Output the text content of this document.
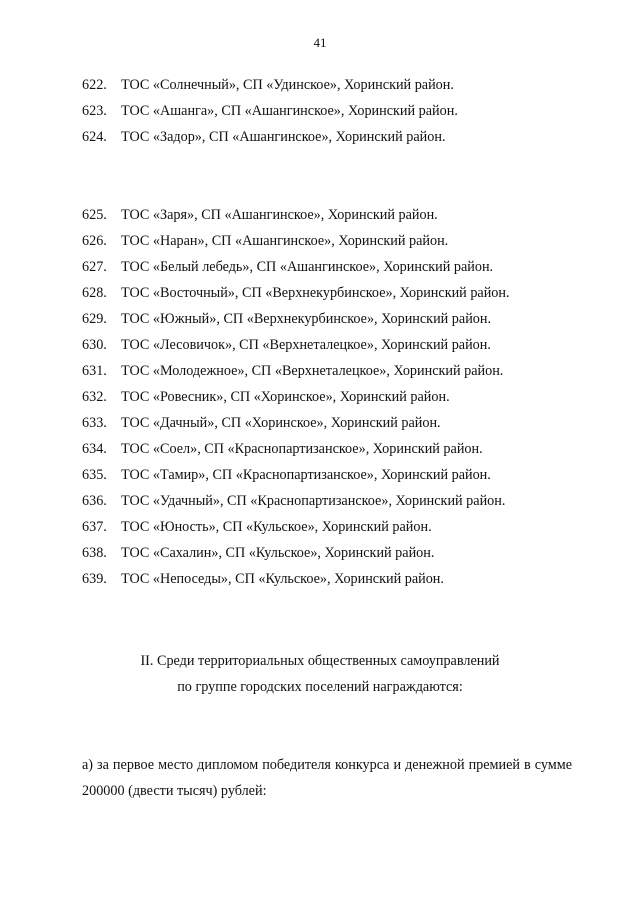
41
622. ТОС «Солнечный», СП «Удинское», Хоринский район.
623. ТОС «Ашанга», СП «Ашангинское», Хоринский район.
624. ТОС «Задор», СП «Ашангинское», Хоринский район.
625. ТОС «Заря», СП «Ашангинское», Хоринский район.
626. ТОС «Наран», СП «Ашангинское», Хоринский район.
627. ТОС «Белый лебедь», СП «Ашангинское», Хоринский район.
628. ТОС «Восточный», СП «Верхнекурбинское», Хоринский район.
629. ТОС «Южный», СП «Верхнекурбинское», Хоринский район.
630. ТОС «Лесовичок», СП «Верхнеталецкое», Хоринский район.
631. ТОС «Молодежное», СП «Верхнеталецкое», Хоринский район.
632. ТОС «Ровесник», СП «Хоринское», Хоринский район.
633. ТОС «Дачный», СП «Хоринское», Хоринский район.
634. ТОС «Соел», СП «Краснопартизанское», Хоринский район.
635. ТОС «Тамир», СП «Краснопартизанское», Хоринский район.
636. ТОС «Удачный», СП «Краснопартизанское», Хоринский район.
637. ТОС «Юность», СП «Кульское», Хоринский район.
638. ТОС «Сахалин», СП «Кульское», Хоринский район.
639. ТОС «Непоседы», СП «Кульское», Хоринский район.
II. Среди территориальных общественных самоуправлений
по группе городских поселений награждаются:
а) за первое место дипломом победителя конкурса и денежной премией в сумме 200000 (двести тысяч) рублей:
